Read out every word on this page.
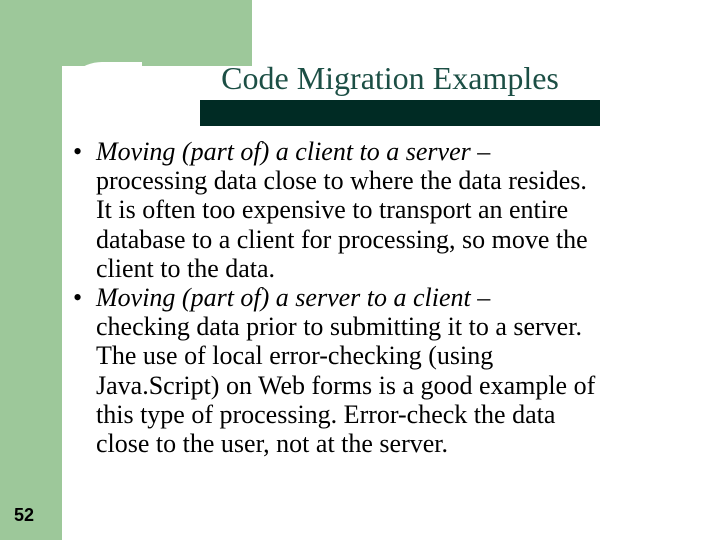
Code Migration Examples
• Moving (part of) a client to a server –
processing data close to where the data resides.
It is often too expensive to transport an entire
database to a client for processing, so move the
client to the data.
• Moving (part of) a server to a client –
checking data prior to submitting it to a server.
The use of local error-checking (using
Java.Script) on Web forms is a good example of
this type of processing. Error-check the data
close to the user, not at the server.
52
